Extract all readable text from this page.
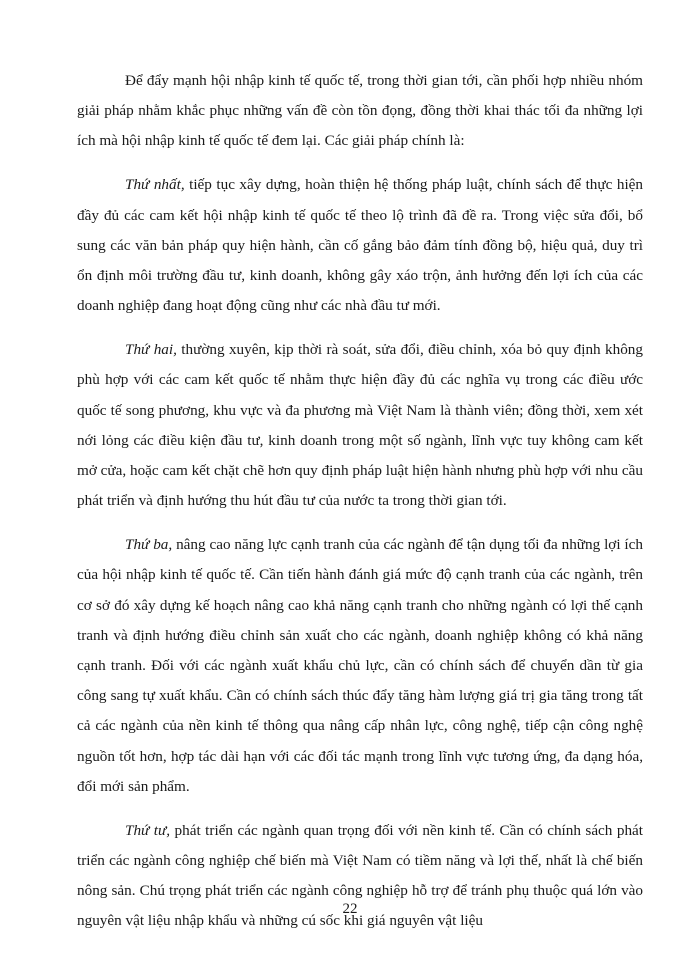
Để đẩy mạnh hội nhập kinh tế quốc tế, trong thời gian tới, cần phối hợp nhiều nhóm giải pháp nhằm khắc phục những vấn đề còn tồn đọng, đồng thời khai thác tối đa những lợi ích mà hội nhập kinh tế quốc tế đem lại. Các giải pháp chính là:

Thứ nhất, tiếp tục xây dựng, hoàn thiện hệ thống pháp luật, chính sách để thực hiện đầy đủ các cam kết hội nhập kinh tế quốc tế theo lộ trình đã đề ra. Trong việc sửa đổi, bổ sung các văn bản pháp quy hiện hành, cần cố gắng bảo đảm tính đồng bộ, hiệu quả, duy trì ổn định môi trường đầu tư, kinh doanh, không gây xáo trộn, ảnh hưởng đến lợi ích của các doanh nghiệp đang hoạt động cũng như các nhà đầu tư mới.

Thứ hai, thường xuyên, kịp thời rà soát, sửa đổi, điều chỉnh, xóa bỏ quy định không phù hợp với các cam kết quốc tế nhằm thực hiện đầy đủ các nghĩa vụ trong các điều ước quốc tế song phương, khu vực và đa phương mà Việt Nam là thành viên; đồng thời, xem xét nới lỏng các điều kiện đầu tư, kinh doanh trong một số ngành, lĩnh vực tuy không cam kết mở cửa, hoặc cam kết chặt chẽ hơn quy định pháp luật hiện hành nhưng phù hợp với nhu cầu phát triển và định hướng thu hút đầu tư của nước ta trong thời gian tới.

Thứ ba, nâng cao năng lực cạnh tranh của các ngành để tận dụng tối đa những lợi ích của hội nhập kinh tế quốc tế. Cần tiến hành đánh giá mức độ cạnh tranh của các ngành, trên cơ sở đó xây dựng kế hoạch nâng cao khả năng cạnh tranh cho những ngành có lợi thế cạnh tranh và định hướng điều chỉnh sản xuất cho các ngành, doanh nghiệp không có khả năng cạnh tranh. Đối với các ngành xuất khẩu chủ lực, cần có chính sách để chuyển dần từ gia công sang tự xuất khẩu. Cần có chính sách thúc đẩy tăng hàm lượng giá trị gia tăng trong tất cả các ngành của nền kinh tế thông qua nâng cấp nhân lực, công nghệ, tiếp cận công nghệ nguồn tốt hơn, hợp tác dài hạn với các đối tác mạnh trong lĩnh vực tương ứng, đa dạng hóa, đổi mới sản phẩm.

Thứ tư, phát triển các ngành quan trọng đối với nền kinh tế. Cần có chính sách phát triển các ngành công nghiệp chế biến mà Việt Nam có tiềm năng và lợi thế, nhất là chế biến nông sản. Chú trọng phát triển các ngành công nghiệp hỗ trợ để tránh phụ thuộc quá lớn vào nguyên vật liệu nhập khẩu và những cú sốc khi giá nguyên vật liệu

22
